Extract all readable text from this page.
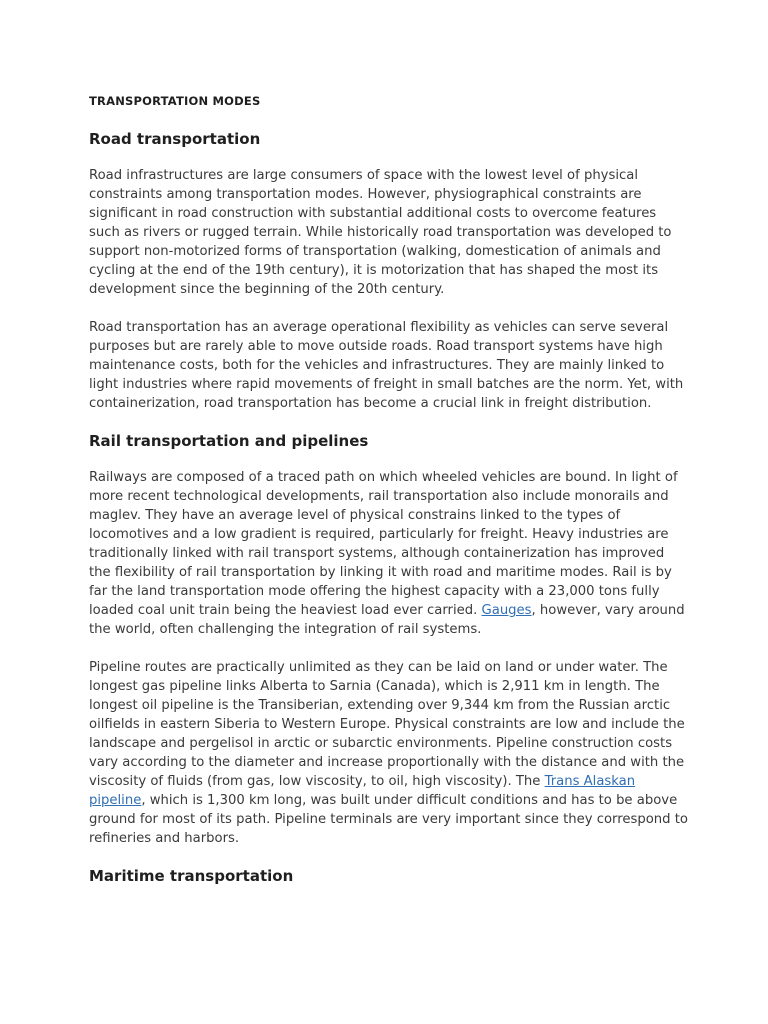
TRANSPORTATION MODES
Road transportation

Road infrastructures are large consumers of space with the lowest level of physical constraints among transportation modes. However, physiographical constraints are significant in road construction with substantial additional costs to overcome features such as rivers or rugged terrain. While historically road transportation was developed to support non-motorized forms of transportation (walking, domestication of animals and cycling at the end of the 19th century), it is motorization that has shaped the most its development since the beginning of the 20th century.

Road transportation has an average operational flexibility as vehicles can serve several purposes but are rarely able to move outside roads. Road transport systems have high maintenance costs, both for the vehicles and infrastructures. They are mainly linked to light industries where rapid movements of freight in small batches are the norm. Yet, with containerization, road transportation has become a crucial link in freight distribution.

Rail transportation and pipelines

Railways are composed of a traced path on which wheeled vehicles are bound. In light of more recent technological developments, rail transportation also include monorails and maglev. They have an average level of physical constrains linked to the types of locomotives and a low gradient is required, particularly for freight. Heavy industries are traditionally linked with rail transport systems, although containerization has improved the flexibility of rail transportation by linking it with road and maritime modes. Rail is by far the land transportation mode offering the highest capacity with a 23,000 tons fully loaded coal unit train being the heaviest load ever carried. Gauges, however, vary around the world, often challenging the integration of rail systems.

Pipeline routes are practically unlimited as they can be laid on land or under water. The longest gas pipeline links Alberta to Sarnia (Canada), which is 2,911 km in length. The longest oil pipeline is the Transiberian, extending over 9,344 km from the Russian arctic oilfields in eastern Siberia to Western Europe. Physical constraints are low and include the landscape and pergelisol in arctic or subarctic environments. Pipeline construction costs vary according to the diameter and increase proportionally with the distance and with the viscosity of fluids (from gas, low viscosity, to oil, high viscosity). The Trans Alaskan pipeline, which is 1,300 km long, was built under difficult conditions and has to be above ground for most of its path. Pipeline terminals are very important since they correspond to refineries and harbors.

Maritime transportation
